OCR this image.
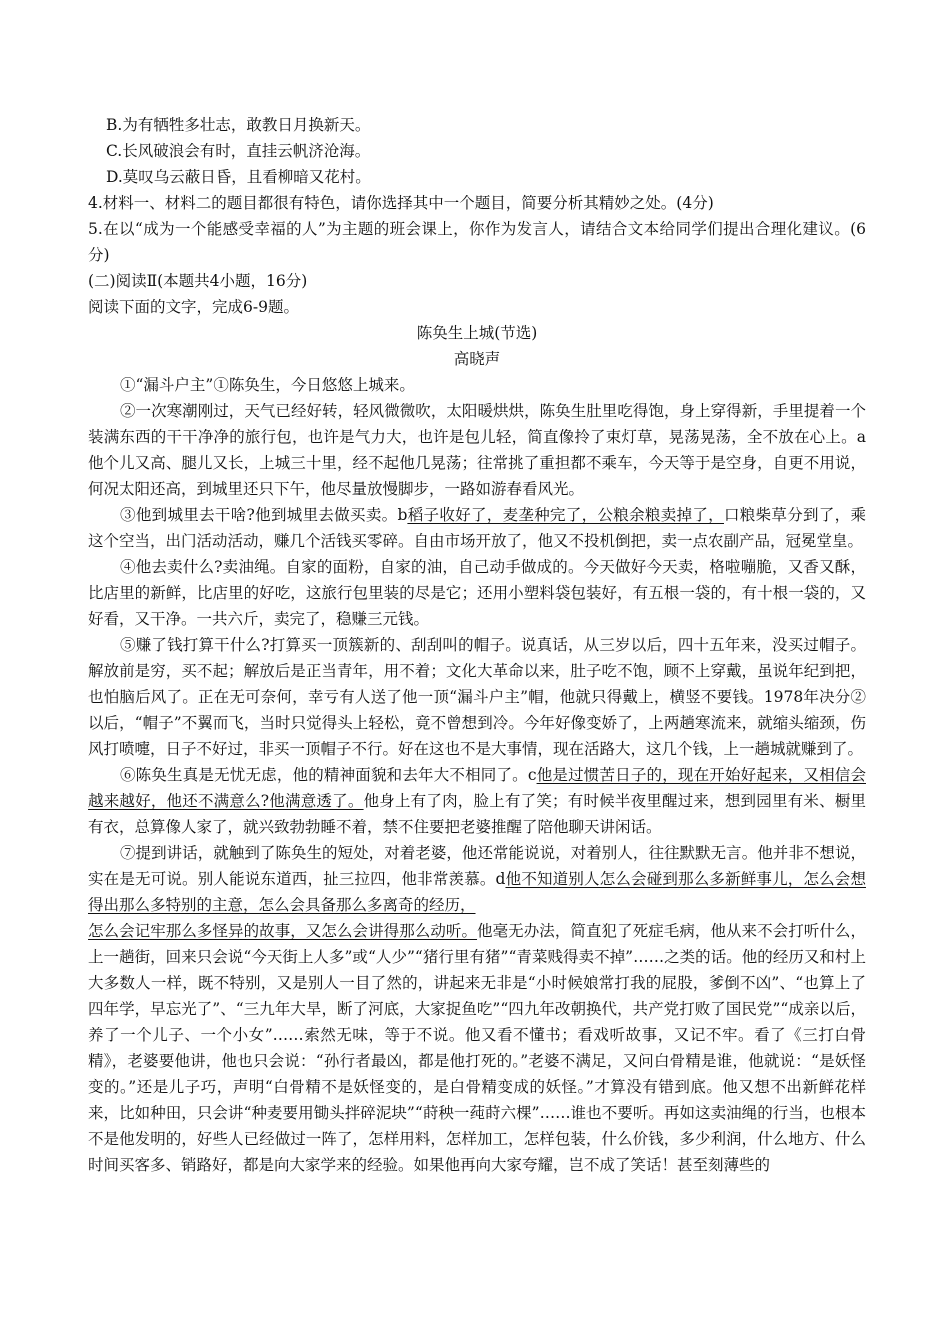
B.为有牺牲多壮志，敢教日月换新天。
C.长风破浪会有时，直挂云帆济沧海。
D.莫叹乌云蔽日昏，且看柳暗又花村。
4.材料一、材料二的题目都很有特色，请你选择其中一个题目，简要分析其精妙之处。(4分)
5.在以“成为一个能感受幸福的人”为主题的班会课上，你作为发言人，请结合文本给同学们提出合理化建议。(6分)
(二)阅读Ⅱ(本题共4小题，16分)
阅读下面的文字，完成6-9题。
陈奂生上城(节选)
高晓声
①“漏斗户主”①陈奂生，今日悠悠上城来。
②一次寒潮刚过，天气已经好转，轻风微微吹，太阳暖烘烘，陈奂生肚里吃得饱，身上穿得新，手里提着一个装满东西的干干净净的旅行包，也许是气力大，也许是包儿轻，简直像拎了束灯草，晃荡晃荡，全不放在心上。a他个儿又高、腿儿又长，上城三十里，经不起他几晃荡；往常挑了重担都不乘车，今天等于是空身，自更不用说，何况太阳还高，到城里还只下午，他尽量放慢脚步，一路如游春看风光。
③他到城里去干啥?他到城里去做买卖。b稻子收好了，麦垄种完了，公粮余粮卖掉了，口粮柴草分到了，乘这个空当，出门活动活动，赚几个活钱买零碎。自由市场开放了，他又不投机倒把，卖一点农副产品，冠冕堂皇。
④他去卖什么?卖油绳。自家的面粉，自家的油，自己动手做成的。今天做好今天卖，格啦嘣脆，又香又酥，比店里的新鲜，比店里的好吃，这旅行包里装的尽是它；还用小塑料袋包装好，有五根一袋的，有十根一袋的，又好看，又干净。一共六斤，卖完了，稳赚三元钱。
⑤赚了钱打算干什么?打算买一顶簇新的、刮刮叫的帽子。说真话，从三岁以后，四十五年来，没买过帽子。解放前是穷，买不起；解放后是正当青年，用不着；文化大革命以来，肚子吃不饱，顾不上穿戴，虽说年纪到把，也怕脑后风了。正在无可奈何，幸亏有人送了他一顶“漏斗户主”帽，他就只得戴上，横竖不要钱。1978年决分②以后，“帽子”不翼而飞，当时只觉得头上轻松，竟不曾想到冷。今年好像变娇了，上两趟寒流来，就缩头缩颈，伤风打喷嚏，日子不好过，非买一顶帽子不行。好在这也不是大事情，现在活路大，这几个钱，上一趟城就赚到了。
⑥陈奂生真是无忧无虑，他的精神面貌和去年大不相同了。c他是过惯苦日子的，现在开始好起来，又相信会越来越好，他还不满意么?他满意透了。他身上有了肉，脸上有了笑；有时候半夜里醒过来，想到园里有米、橱里有衣，总算像人家了，就兴致勃勃睡不着，禁不住要把老婆推醒了陪他聊天讲闲话。
⑦提到讲话，就触到了陈奂生的短处，对着老婆，他还常能说说，对着别人，往往默默无言。他并非不想说，实在是无可说。别人能说东道西，扯三拉四，他非常羡慕。d他不知道别人怎么会碰到那么多新鲜事儿，怎么会想得出那么多特别的主意，怎么会具备那么多离奇的经历，
怎么会记牢那么多怪异的故事，又怎么会讲得那么动听。他毫无办法，简直犯了死症毛病，他从来不会打听什么，上一趟街，回来只会说“今天街上人多”或“人少”“猪行里有猪”“青菜贱得卖不掉”……之类的话。他的经历又和村上大多数人一样，既不特别，又是别人一目了然的，讲起来无非是“小时候娘常打我的屁股，爹倒不凶”、“也算上了四年学，早忘光了”、“三九年大旱，断了河底，大家捉鱼吃”“四九年改朝换代，共产党打败了国民党”“成亲以后，养了一个儿子、一个小女”……索然无味，等于不说。他又看不懂书；看戏听故事，又记不牢。看了《三打白骨精》，老婆要他讲，他也只会说：“孙行者最凶，都是他打死的。”老婆不满足，又问白骨精是谁，他就说：“是妖怪变的。”还是儿子巧，声明“白骨精不是妖怪变的，是白骨精变成的妖怪。”才算没有错到底。他又想不出新鲜花样来，比如种田，只会讲“种麦要用锄头拌碎泥块”“莳秧一莼莳六棵”……谁也不要听。再如这卖油绳的行当，也根本不是他发明的，好些人已经做过一阵了，怎样用料，怎样加工，怎样包装，什么价钱，多少利润，什么地方、什么时间买客多、销路好，都是向大家学来的经验。如果他再向大家夸耀，岂不成了笑话！甚至刻薄些的
